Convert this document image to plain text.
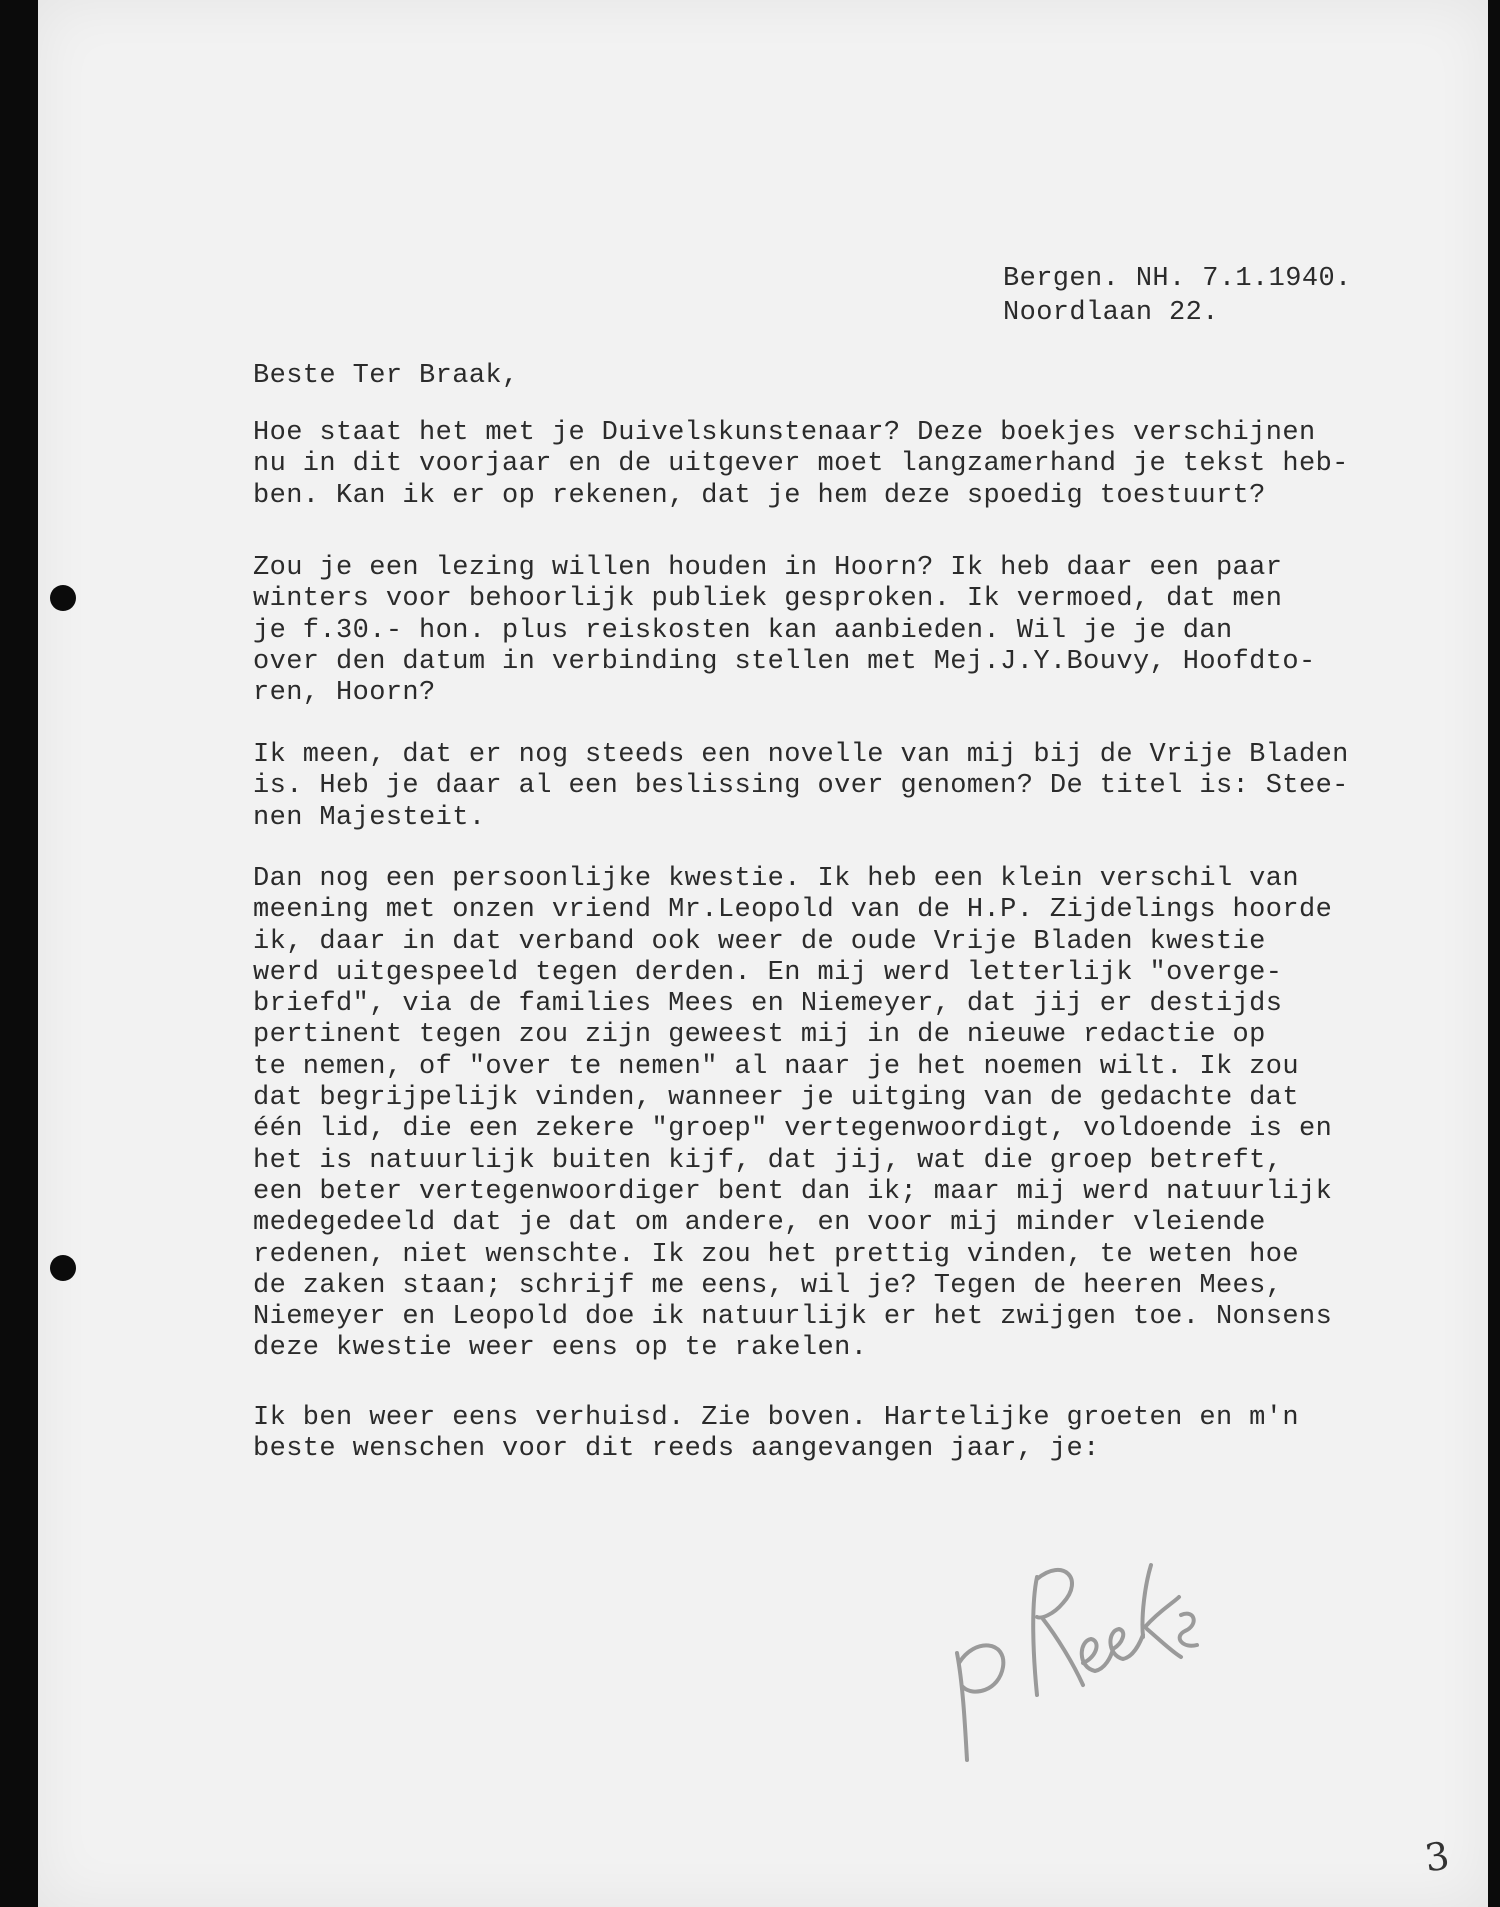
Bergen. NH. 7.1.1940.
Noordlaan 22.
Beste Ter Braak,
Hoe staat het met je Duivelskunstenaar? Deze boekjes verschijnen
nu in dit voorjaar en de uitgever moet langzamerhand je tekst heb-
ben. Kan ik er op rekenen, dat je hem deze spoedig toestuurt?
Zou je een lezing willen houden in Hoorn? Ik heb daar een paar
winters voor behoorlijk publiek gesproken. Ik vermoed, dat men
je f.30.- hon. plus reiskosten kan aanbieden. Wil je je dan
over den datum in verbinding stellen met Mej.J.Y.Bouvy, Hoofdto-
ren, Hoorn?
Ik meen, dat er nog steeds een novelle van mij bij de Vrije Bladen
is. Heb je daar al een beslissing over genomen? De titel is: Stee-
nen Majesteit.
Dan nog een persoonlijke kwestie. Ik heb een klein verschil van
meening met onzen vriend Mr.Leopold van de H.P. Zijdelings hoorde
ik, daar in dat verband ook weer de oude Vrije Bladen kwestie
werd uitgespeeld tegen derden. En mij werd letterlijk "overge-
briefd", via de families Mees en Niemeyer, dat jij er destijds
pertinent tegen zou zijn geweest mij in de nieuwe redactie op
te nemen, of "over te nemen" al naar je het noemen wilt. Ik zou
dat begrijpelijk vinden, wanneer je uitging van de gedachte dat
één lid, die een zekere "groep" vertegenwoordigt, voldoende is en
het is natuurlijk buiten kijf, dat jij, wat die groep betreft,
een beter vertegenwoordiger bent dan ik; maar mij werd natuurlijk
medegedeeld dat je dat om andere, en voor mij minder vleiende
redenen, niet wenschte. Ik zou het prettig vinden, te weten hoe
de zaken staan; schrijf me eens, wil je? Tegen de heeren Mees,
Niemeyer en Leopold doe ik natuurlijk er het zwijgen toe. Nonsens
deze kwestie weer eens op te rakelen.
Ik ben weer eens verhuisd. Zie boven. Hartelijke groeten en m'n
beste wenschen voor dit reeds aangevangen jaar, je:
3
